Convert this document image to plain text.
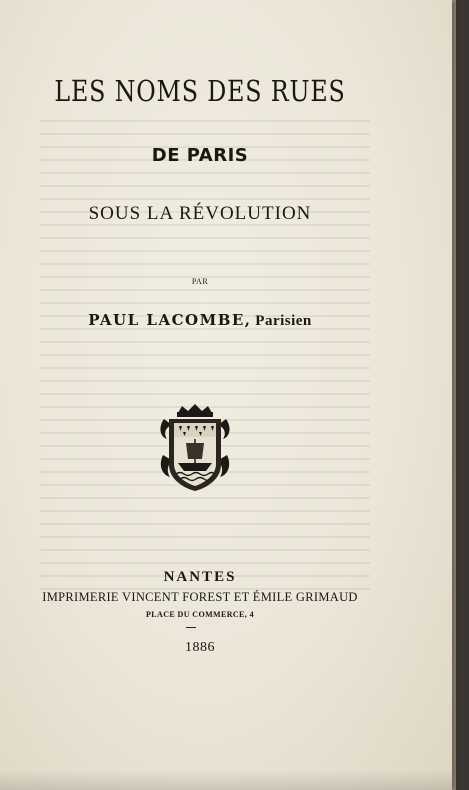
LES NOMS DES RUES
DE PARIS
SOUS LA RÉVOLUTION
PAR
PAUL LACOMBE, Parisien
NANTES
IMPRIMERIE VINCENT FOREST ET ÉMILE GRIMAUD
PLACE DU COMMERCE, 4
1886
